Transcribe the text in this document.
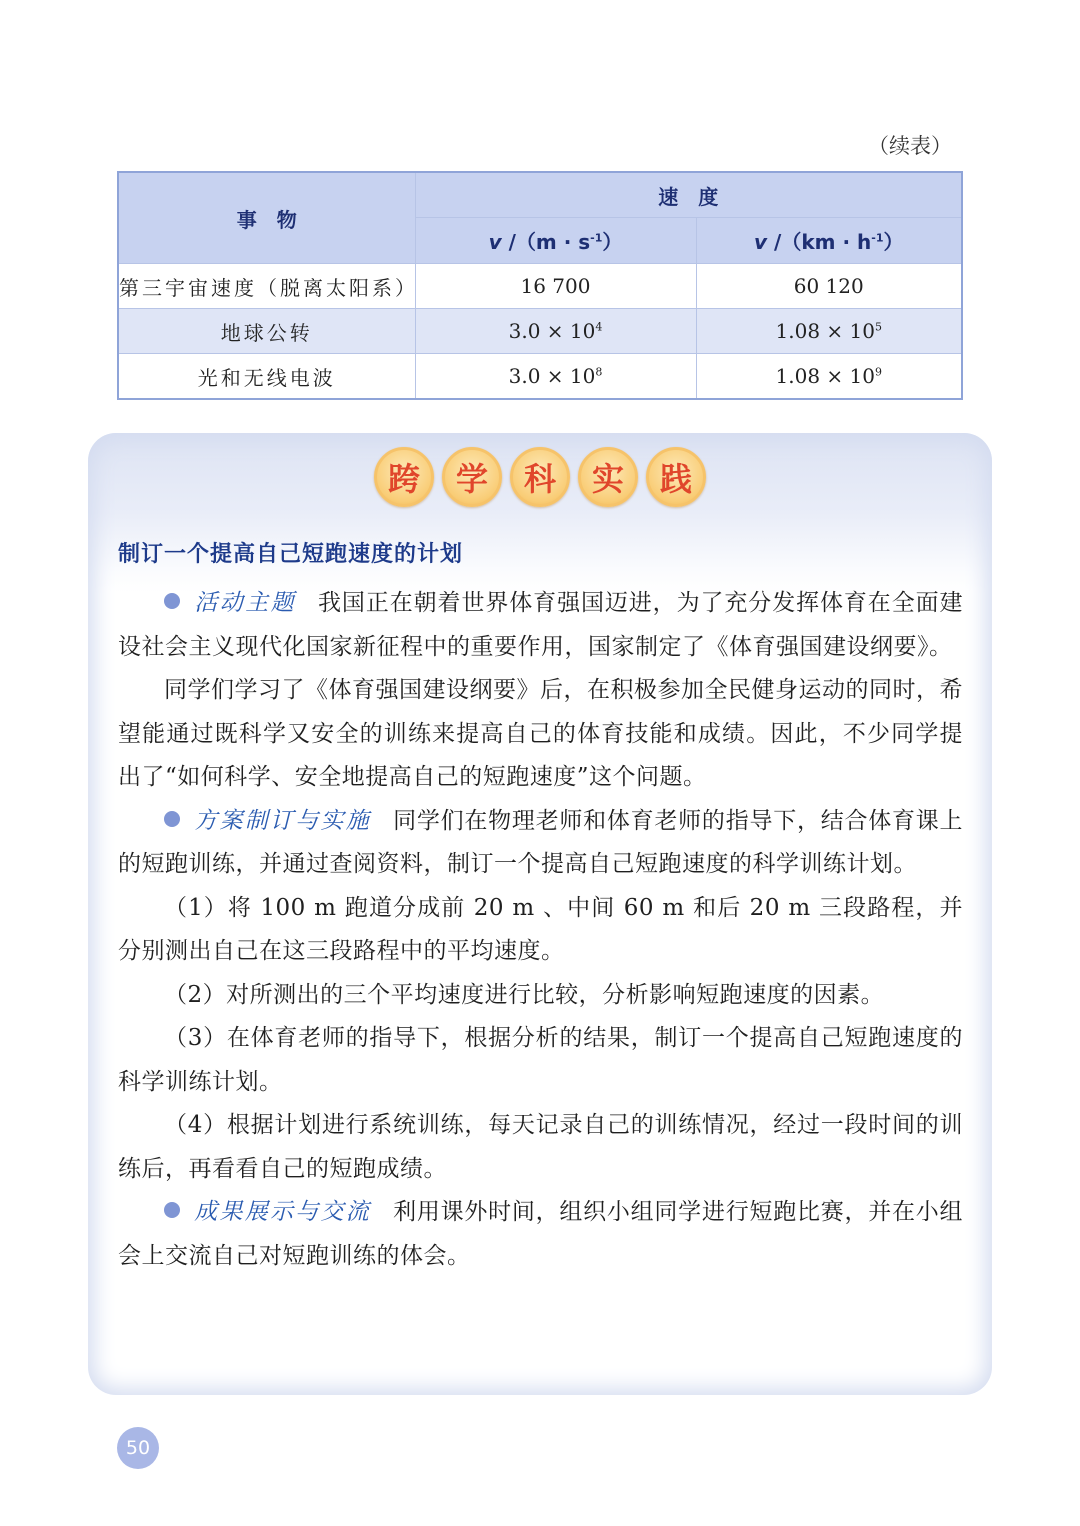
（续表）
事　物	速　度	
	v $/(m \cdot s^{-1})$	v $/(km \cdot h^{-1})$
第三宇宙速度（脱离太阳系）	16 700	60 120
地球公转	$3.0 \times 10^4$	$1.08 \times 10^5$
光和无线电波	$3.0 \times 10^8$	$1.08 \times 10^9$
跨	学	科	实	践
制订一个提高自己短跑速度的计划

活动主题 我国正在朝着世界体育强国迈进，为了充分发挥体育在全面建设社会主义现代化国家新征程中的重要作用，国家制定了《体育强国建设纲要》。

同学们学习了《体育强国建设纲要》后，在积极参加全民健身运动的同时，希望能通过既科学又安全的训练来提高自己的体育技能和成绩。因此，不少同学提出了“如何科学、安全地提高自己的短跑速度”这个问题。

方案制订与实施 同学们在物理老师和体育老师的指导下，结合体育课上的短跑训练，并通过查阅资料，制订一个提高自己短跑速度的科学训练计划。

（1）将 100 m 跑道分成前 20 m 、中间 60 m 和后 20 m 三段路程，并分别测出自己在这三段路程中的平均速度。

（2）对所测出的三个平均速度进行比较，分析影响短跑速度的因素。

（3）在体育老师的指导下，根据分析的结果，制订一个提高自己短跑速度的科学训练计划。

（4）根据计划进行系统训练，每天记录自己的训练情况，经过一段时间的训练后，再看看自己的短跑成绩。

成果展示与交流 利用课外时间，组织小组同学进行短跑比赛，并在小组会上交流自己对短跑训练的体会。

50
